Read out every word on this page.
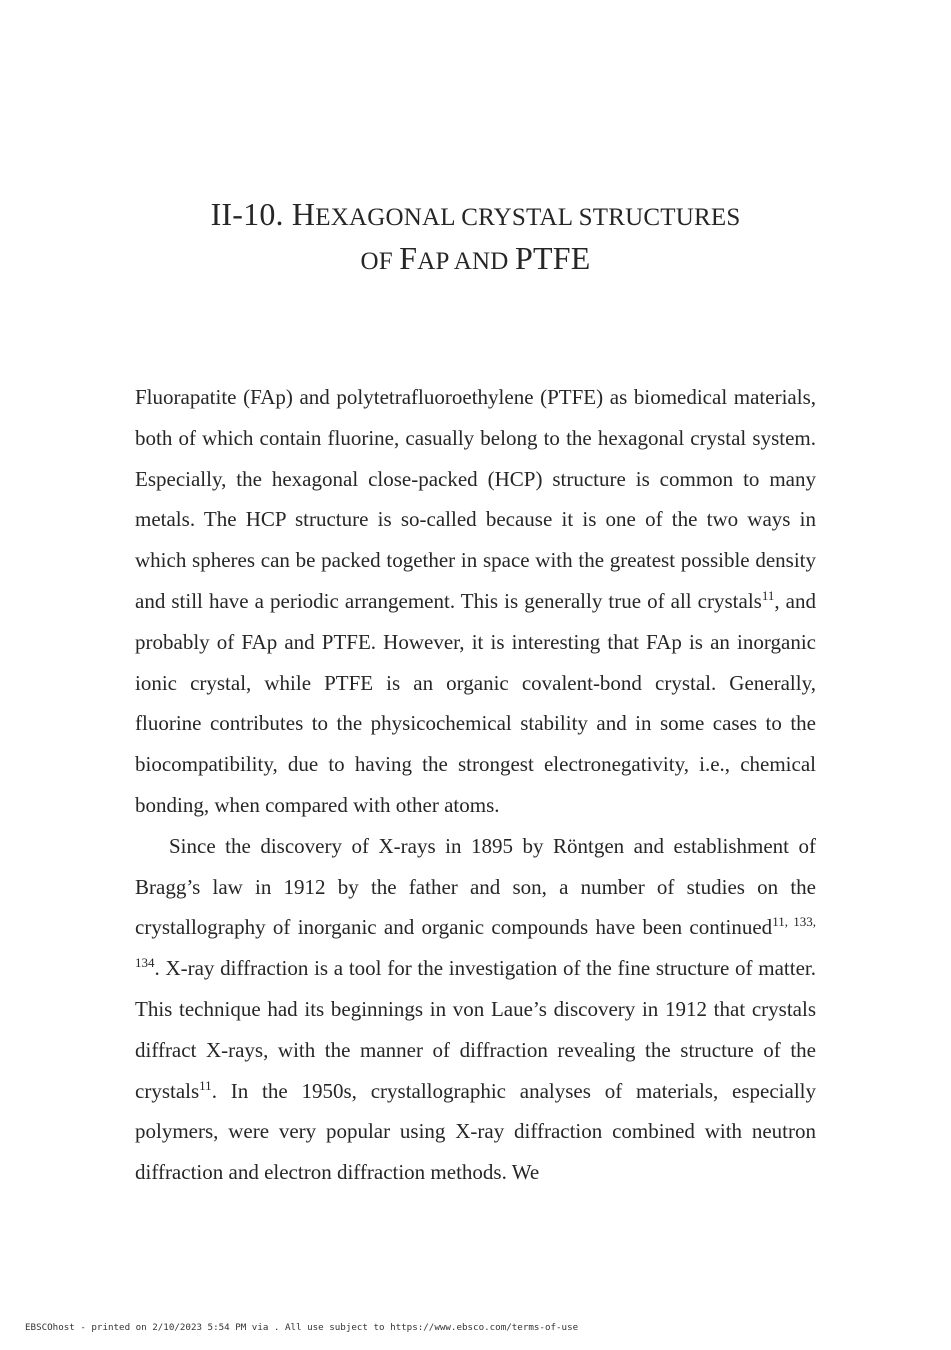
II-10. HEXAGONAL CRYSTAL STRUCTURES
OF FAP AND PTFE

Fluorapatite (FAp) and polytetrafluoroethylene (PTFE) as biomedical materials, both of which contain fluorine, casually belong to the hexagonal crystal system. Especially, the hexagonal close-packed (HCP) structure is common to many metals. The HCP structure is so-called because it is one of the two ways in which spheres can be packed together in space with the greatest possible density and still have a periodic arrangement. This is generally true of all crystals$^{11}$, and probably of FAp and PTFE. However, it is interesting that FAp is an inorganic ionic crystal, while PTFE is an organic covalent-bond crystal. Generally, fluorine contributes to the physicochemical stability and in some cases to the biocompatibility, due to having the strongest electronegativity, i.e., chemical bonding, when compared with other atoms.

Since the discovery of X-rays in 1895 by Röntgen and establishment of Bragg’s law in 1912 by the father and son, a number of studies on the crystallography of inorganic and organic compounds have been continued$^{11, 133, 134}$. X-ray diffraction is a tool for the investigation of the fine structure of matter. This technique had its beginnings in von Laue’s discovery in 1912 that crystals diffract X-rays, with the manner of diffraction revealing the structure of the crystals$^{11}$. In the 1950s, crystallographic analyses of materials, especially polymers, were very popular using X-ray diffraction combined with neutron diffraction and electron diffraction methods. We

EBSCOhost - printed on 2/10/2023 5:54 PM via . All use subject to https://www.ebsco.com/terms-of-use
